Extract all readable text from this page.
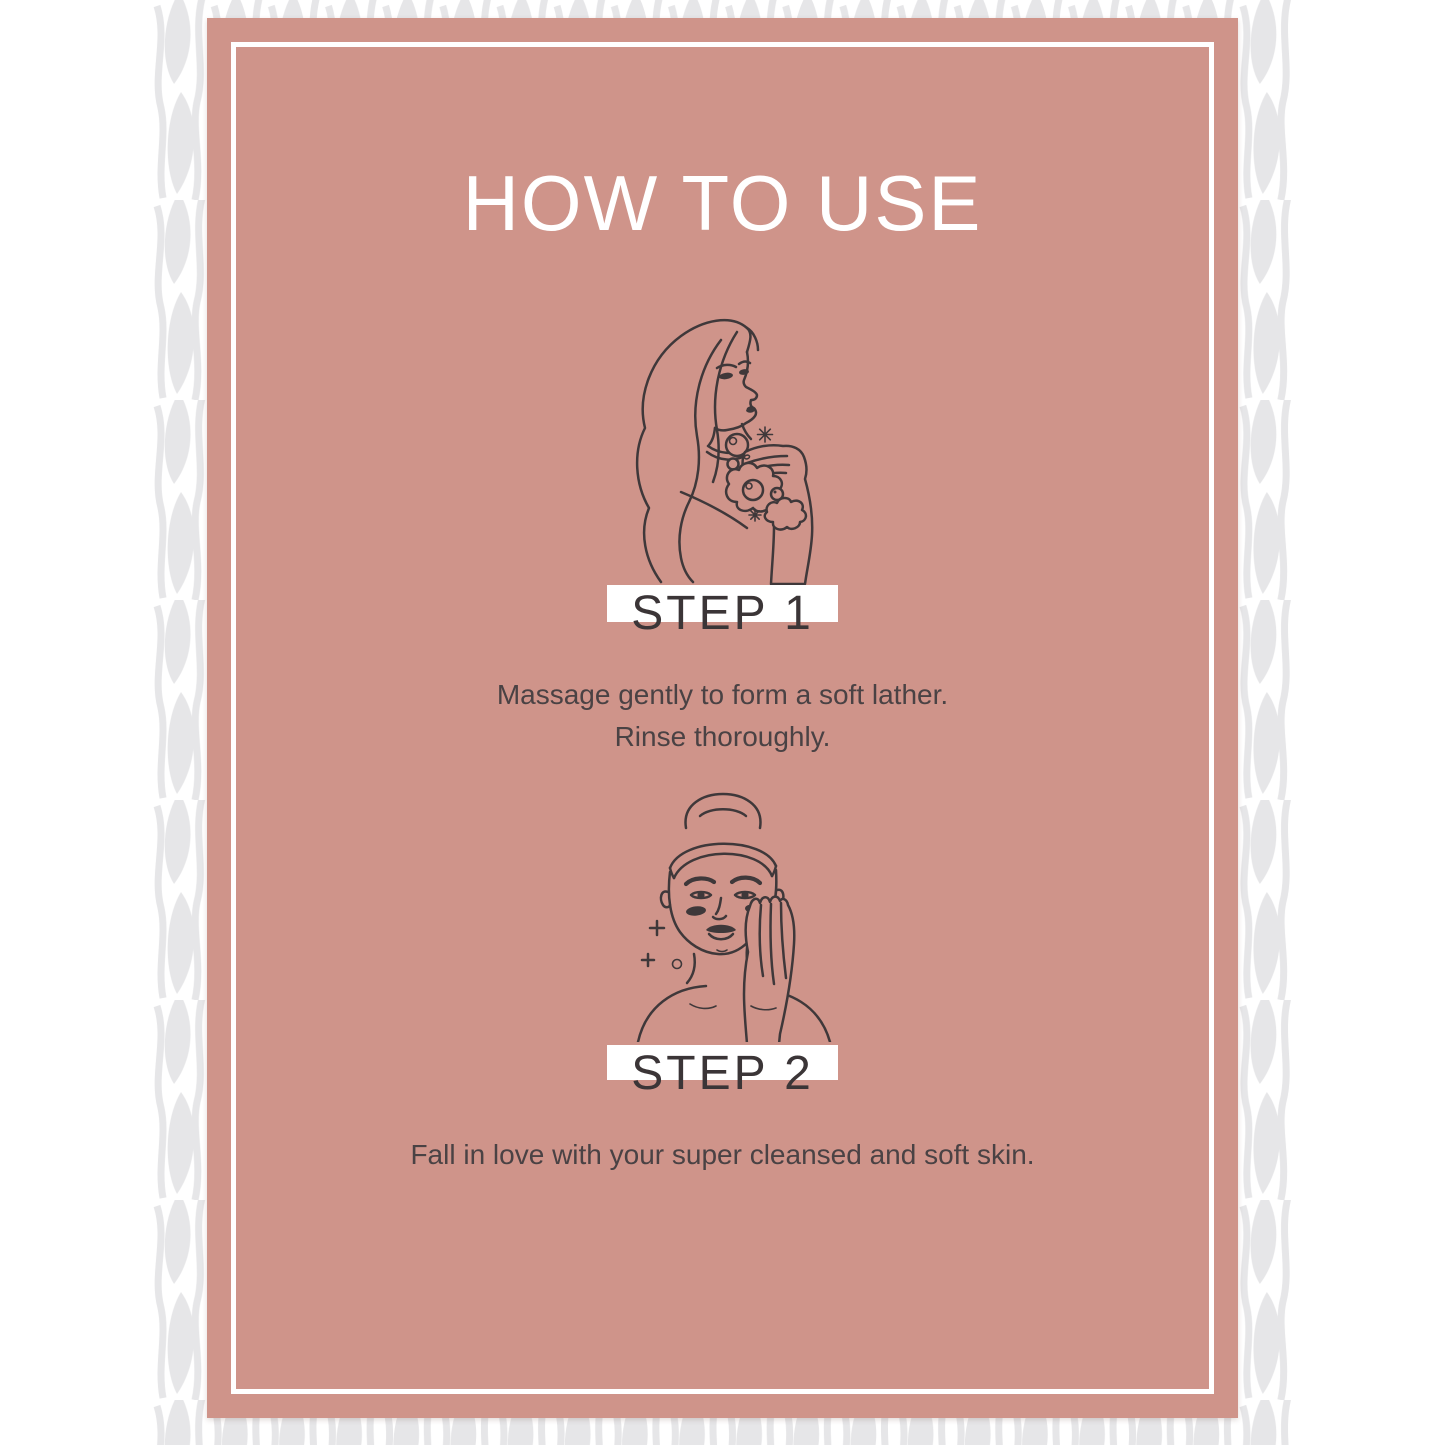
HOW TO USE
STEP 1
Massage gently to form a soft lather.
Rinse thoroughly.
STEP 2
Fall in love with your super cleansed and soft skin.
